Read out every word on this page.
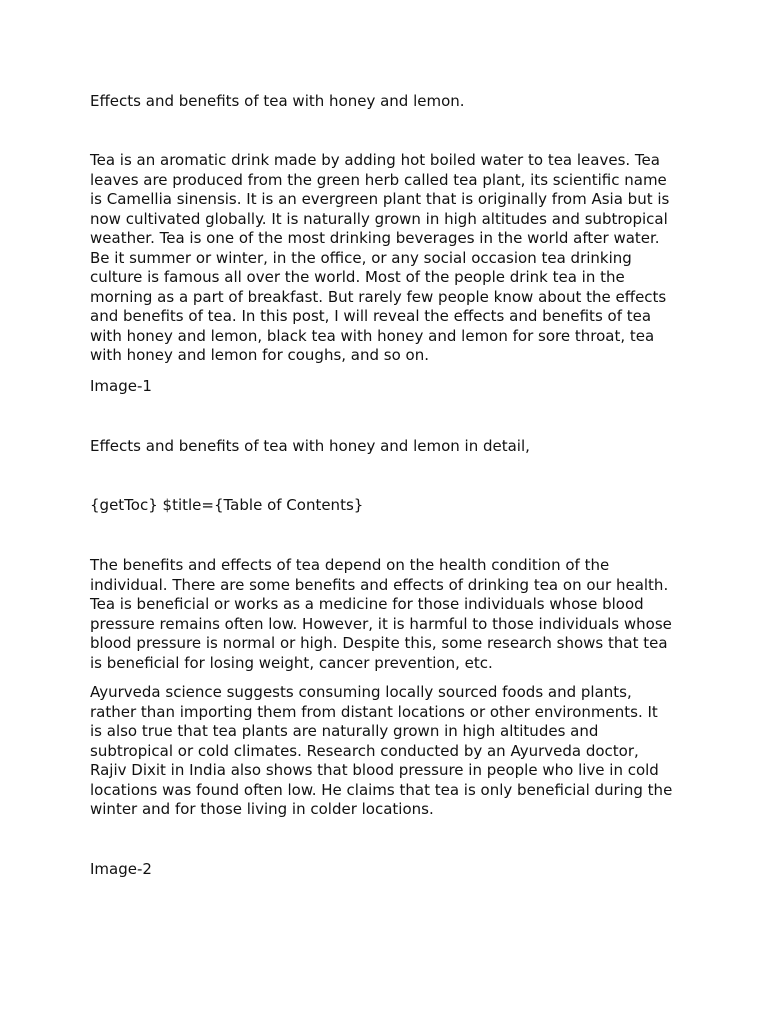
Effects and benefits of tea with honey and lemon.

Tea is an aromatic drink made by adding hot boiled water to tea leaves. Tea
leaves are produced from the green herb called tea plant, its scientific name
is Camellia sinensis. It is an evergreen plant that is originally from Asia but is
now cultivated globally. It is naturally grown in high altitudes and subtropical
weather. Tea is one of the most drinking beverages in the world after water.
Be it summer or winter, in the office, or any social occasion tea drinking
culture is famous all over the world. Most of the people drink tea in the
morning as a part of breakfast. But rarely few people know about the effects
and benefits of tea. In this post, I will reveal the effects and benefits of tea
with honey and lemon, black tea with honey and lemon for sore throat, tea
with honey and lemon for coughs, and so on.

Image-1

Effects and benefits of tea with honey and lemon in detail,

{getToc} $title={Table of Contents}

The benefits and effects of tea depend on the health condition of the
individual. There are some benefits and effects of drinking tea on our health.
Tea is beneficial or works as a medicine for those individuals whose blood
pressure remains often low. However, it is harmful to those individuals whose
blood pressure is normal or high. Despite this, some research shows that tea
is beneficial for losing weight, cancer prevention, etc.

Ayurveda science suggests consuming locally sourced foods and plants,
rather than importing them from distant locations or other environments. It
is also true that tea plants are naturally grown in high altitudes and
subtropical or cold climates. Research conducted by an Ayurveda doctor,
Rajiv Dixit in India also shows that blood pressure in people who live in cold
locations was found often low. He claims that tea is only beneficial during the
winter and for those living in colder locations.

Image-2
